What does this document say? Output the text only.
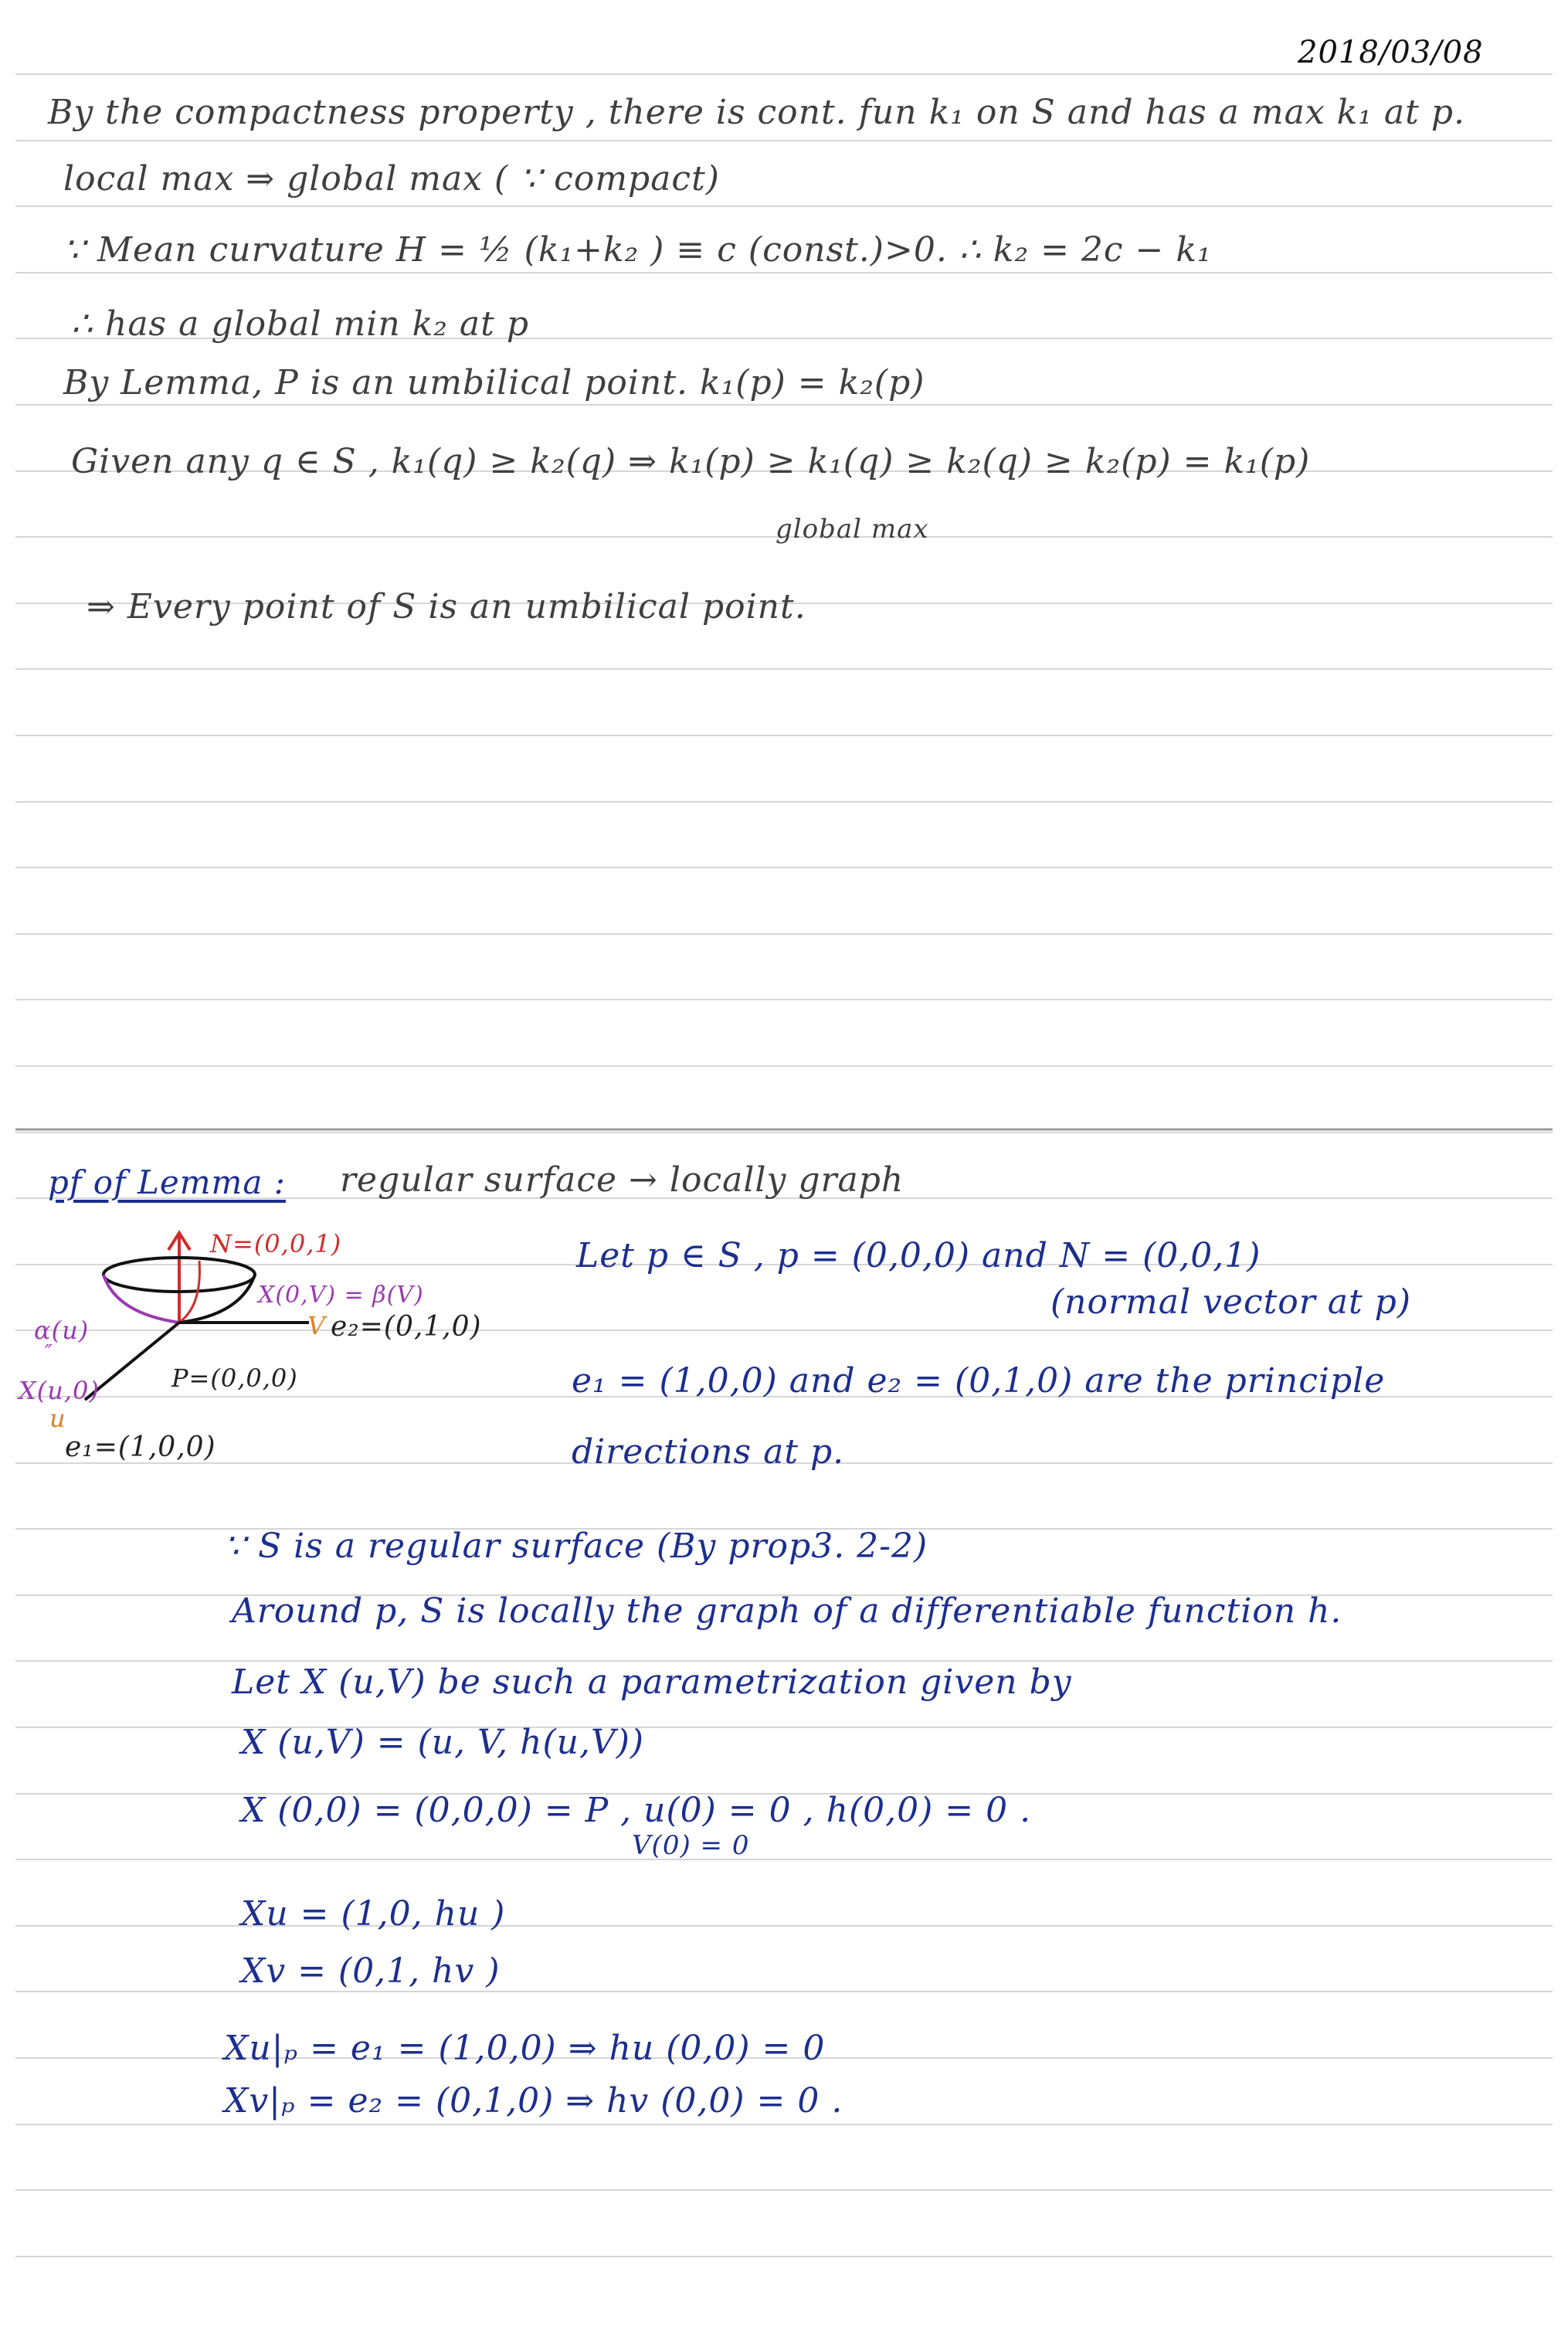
2018/03/08
By the compactness property , there is cont. fun k₁ on S and has a max k₁ at p.
local max ⇒ global max ( ∵ compact)
∵ Mean curvature H = ½ (k₁+k₂ ) ≡ c (const.)>0. ∴ k₂ = 2c − k₁
∴ has a global min k₂ at p
By Lemma, P is an umbilical point. k₁(p) = k₂(p)
Given any q ∈ S , k₁(q) ≥ k₂(q) ⇒ k₁(p) ≥ k₁(q) ≥ k₂(q) ≥ k₂(p) = k₁(p)
global max
⇒ Every point of S is an umbilical point.
pf of Lemma : regular surface → locally graph
N=(0,0,1)
X(0,V) = β(V)
V e₂=(0,1,0)
α(u)
″
X(u,0)	P=(0,0,0)
u
e₁=(1,0,0)
Let p ∈ S , p = (0,0,0) and N = (0,0,1)
(normal vector at p)
e₁ = (1,0,0) and e₂ = (0,1,0) are the principle
directions at p.
∵ S is a regular surface (By prop3. 2-2)
Around p, S is locally the graph of a differentiable function h.
Let X (u,V) be such a parametrization given by
X (u,V) = (u, V, h(u,V))
X (0,0) = (0,0,0) = P , u(0) = 0 , h(0,0) = 0 .
V(0) = 0
Xu = (1,0, hu )
Xv = (0,1, hv )
Xu|ₚ = e₁ = (1,0,0) ⇒ hu (0,0) = 0
Xv|ₚ = e₂ = (0,1,0) ⇒ hv (0,0) = 0 .
